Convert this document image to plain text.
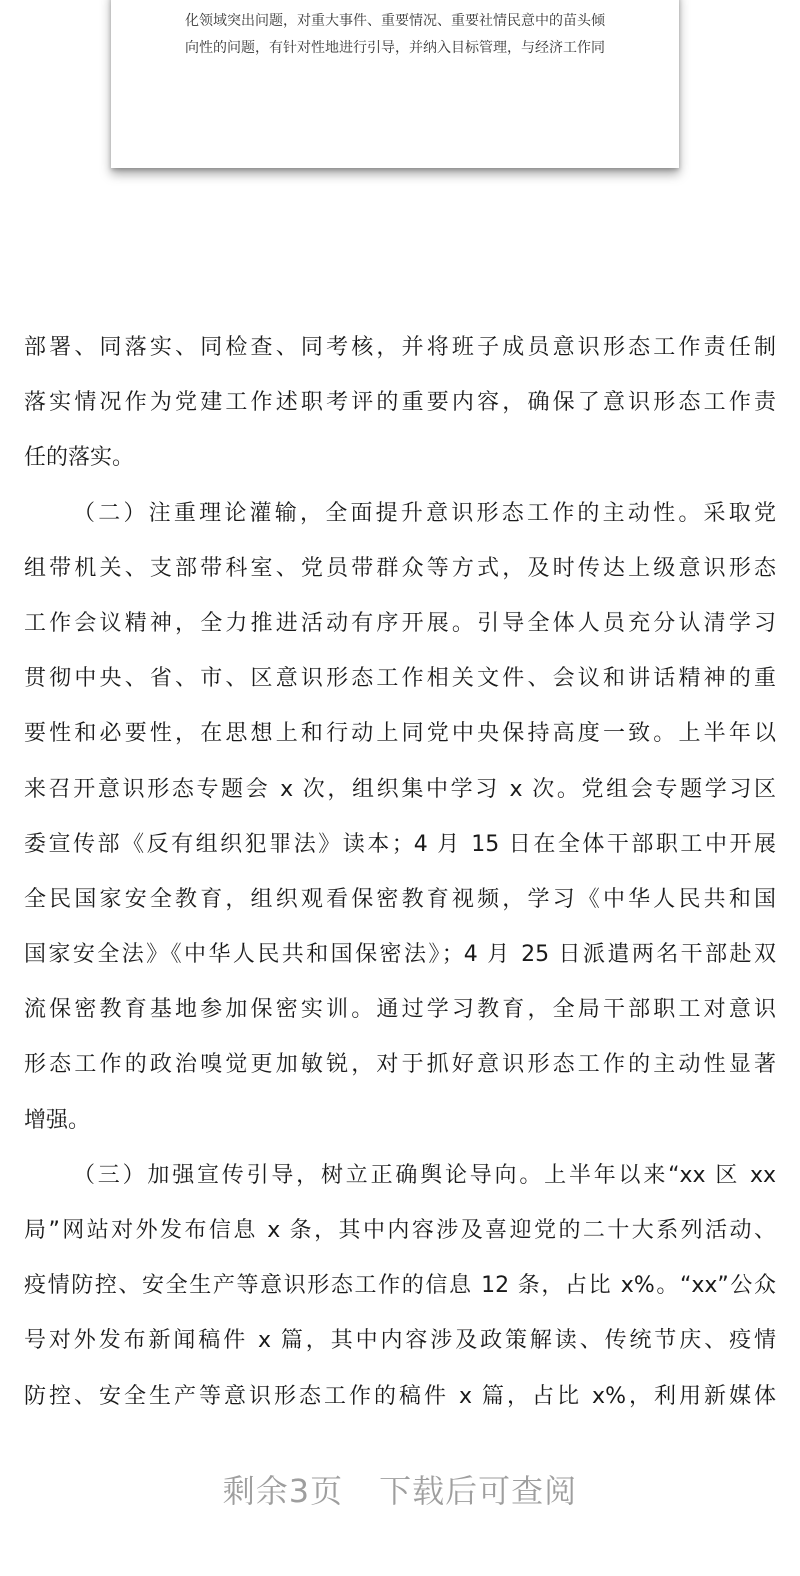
化领域突出问题，对重大事件、重要情况、重要社情民意中的苗头倾
向性的问题，有针对性地进行引导，并纳入目标管理，与经济工作同
部署、同落实、同检查、同考核，并将班子成员意识形态工作责任制
落实情况作为党建工作述职考评的重要内容，确保了意识形态工作责
任的落实。
（二）注重理论灌输，全面提升意识形态工作的主动性。采取党
组带机关、支部带科室、党员带群众等方式，及时传达上级意识形态
工作会议精神，全力推进活动有序开展。引导全体人员充分认清学习
贯彻中央、省、市、区意识形态工作相关文件、会议和讲话精神的重
要性和必要性，在思想上和行动上同党中央保持高度一致。上半年以
来召开意识形态专题会 x 次，组织集中学习 x 次。党组会专题学习区
委宣传部《反有组织犯罪法》读本；4 月 15 日在全体干部职工中开展
全民国家安全教育，组织观看保密教育视频，学习《中华人民共和国
国家安全法》《中华人民共和国保密法》；4 月 25 日派遣两名干部赴双
流保密教育基地参加保密实训。通过学习教育，全局干部职工对意识
形态工作的政治嗅觉更加敏锐，对于抓好意识形态工作的主动性显著
增强。
（三）加强宣传引导，树立正确舆论导向。上半年以来“xx 区 xx
局”网站对外发布信息 x 条，其中内容涉及喜迎党的二十大系列活动、
疫情防控、安全生产等意识形态工作的信息 12 条，占比 x%。“xx”公众
号对外发布新闻稿件 x 篇，其中内容涉及政策解读、传统节庆、疫情
防控、安全生产等意识形态工作的稿件 x 篇，占比 x%，利用新媒体
剩余3页 下载后可查阅
